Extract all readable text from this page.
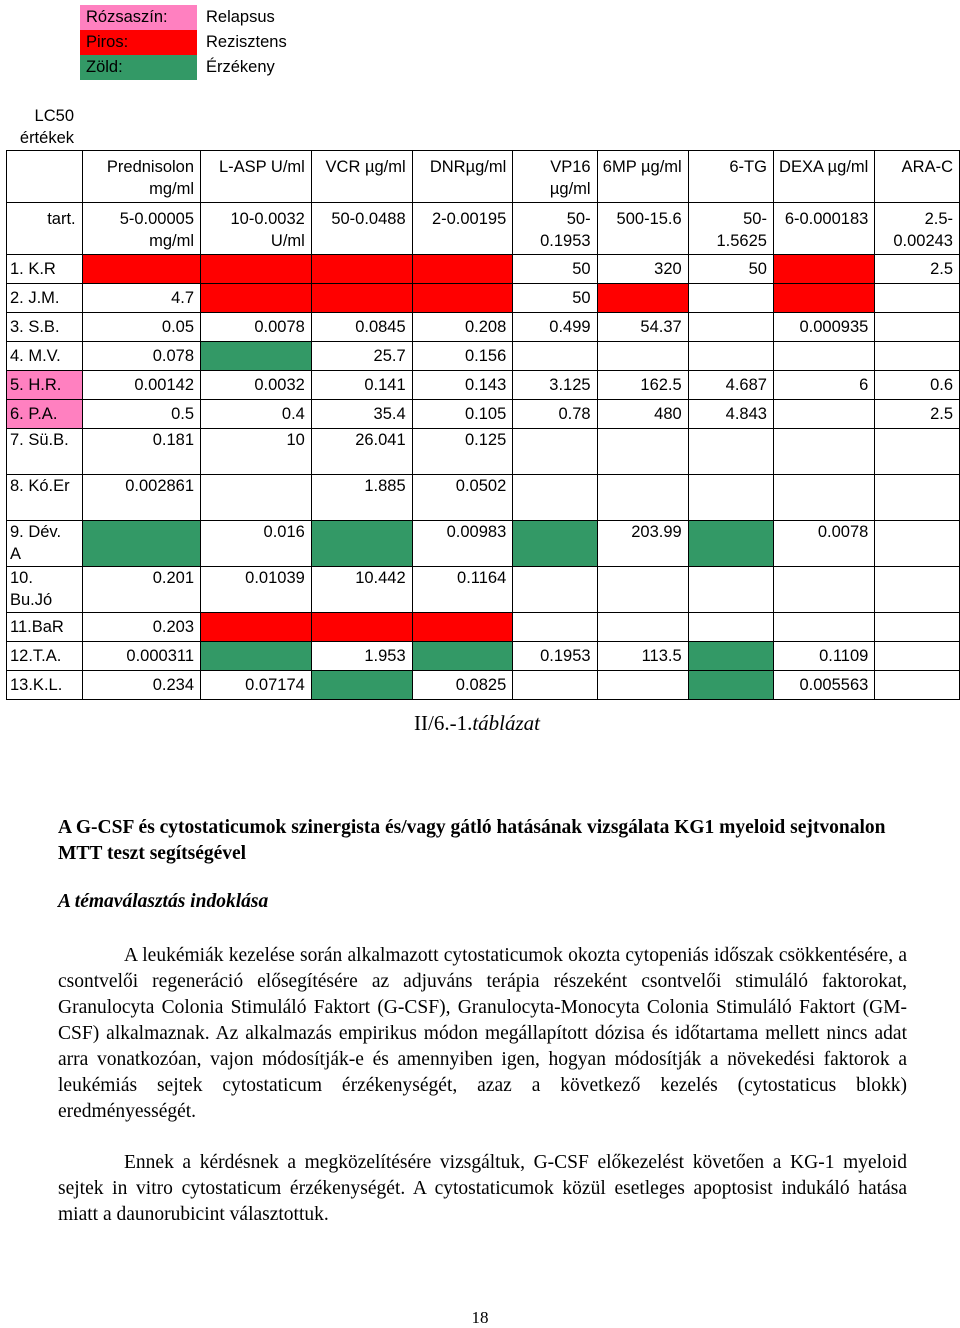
Rózsaszín:	Relapsus
Piros:	Rezisztens
Zöld:	Érzékeny
LC50
értékek
	Prednisolon mg/ml	L-ASP U/ml	VCR µg/ml	DNRµg/ml	VP16 µg/ml	6MP µg/ml	6-TG	DEXA µg/ml	ARA-C
tart.	5-0.00005 mg/ml	10-0.0032 U/ml	50-0.0488	2-0.00195	50-0.1953	500-15.6	50-1.5625	6-0.000183	2.5-0.00243
1. K.R					50	320	50		2.5
2. J.M.	4.7				50				
3. S.B.	0.05	0.0078	0.0845	0.208	0.499	54.37		0.000935	
4. M.V.	0.078		25.7	0.156					
5. H.R.	0.00142	0.0032	0.141	0.143	3.125	162.5	4.687	6	0.6
6. P.A.	0.5	0.4	35.4	0.105	0.78	480	4.843		2.5
7. Sü.B.	0.181	10	26.041	0.125					
8. Kó.Er	0.002861		1.885	0.0502					
9. Dév. A		0.016		0.00983		203.99		0.0078	
10. Bu.Jó	0.201	0.01039	10.442	0.1164					
11.BaR	0.203								
12.T.A.	0.000311		1.953		0.1953	113.5		0.1109	
13.K.L.	0.234	0.07174		0.0825				0.005563	
II/6.-1.táblázat
A G-CSF és cytostaticumok szinergista és/vagy gátló hatásának vizsgálata KG1 myeloid sejtvonalon MTT teszt segítségével
A témaválasztás indoklása

A leukémiák kezelése során alkalmazott cytostaticumok okozta cytopeniás időszak csökkentésére, a csontvelői regeneráció elősegítésére az adjuváns terápia részeként csontvelői stimuláló faktorokat, Granulocyta Colonia Stimuláló Faktort (G-CSF), Granulocyta-Monocyta Colonia Stimuláló Faktort (GM-CSF) alkalmaznak. Az alkalmazás empirikus módon megállapított dózisa és időtartama mellett nincs adat arra vonatkozóan, vajon módosítják-e és amennyiben igen, hogyan módosítják a növekedési faktorok a leukémiás sejtek cytostaticum érzékenységét, azaz a következő kezelés (cytostaticus blokk) eredményességét.

Ennek a kérdésnek a megközelítésére vizsgáltuk, G-CSF előkezelést követően a KG-1 myeloid sejtek in vitro cytostaticum érzékenységét. A cytostaticumok közül esetleges apoptosist indukáló hatása miatt a daunorubicint választottuk.

18
